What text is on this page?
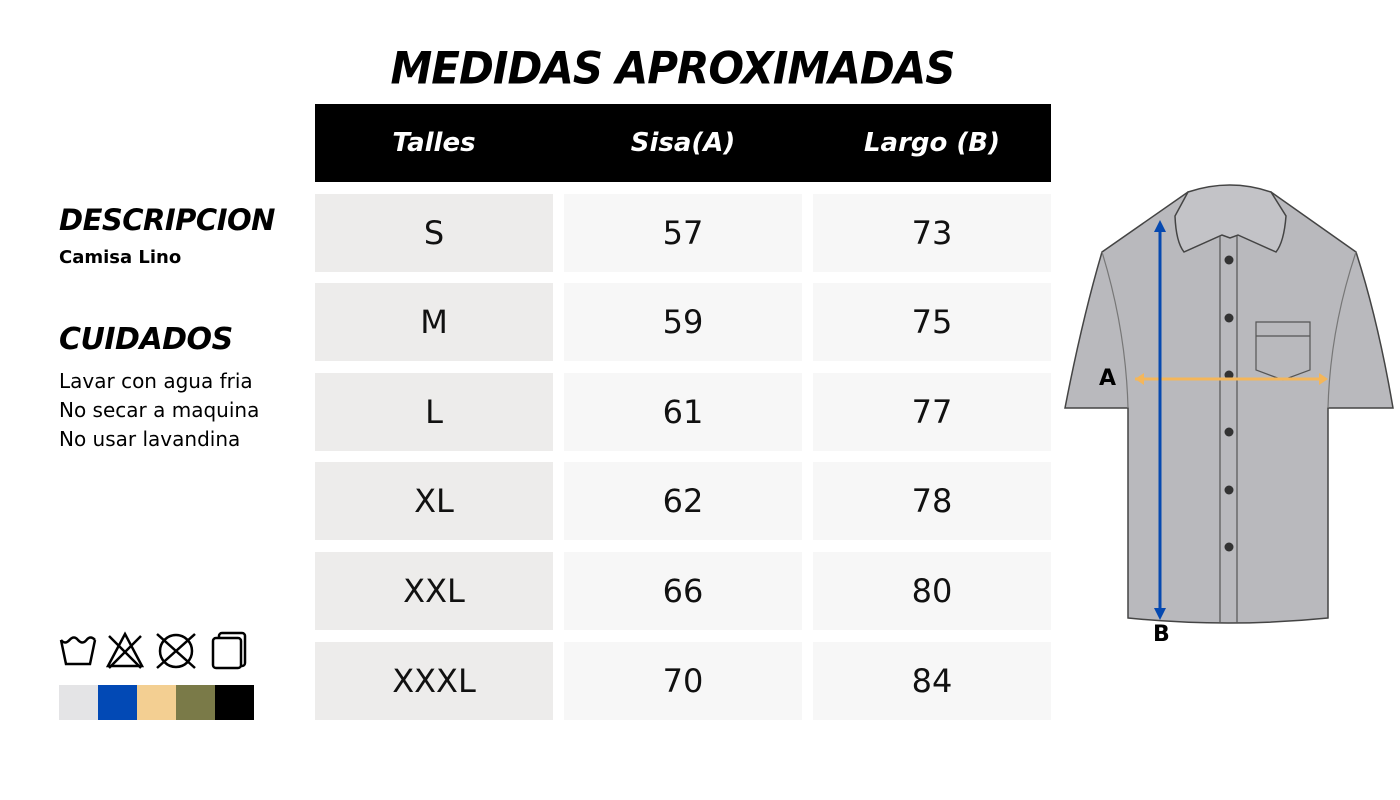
MEDIDAS APROXIMADAS
DESCRIPCION
Camisa Lino
CUIDADOS
Lavar con agua fria
No secar a maquina
No usar lavandina
Talles	Sisa(A)	Largo (B)
S	57	73
M	59	75
L	61	77
XL	62	78
XXL	66	80
XXXL	70	84
A
B
